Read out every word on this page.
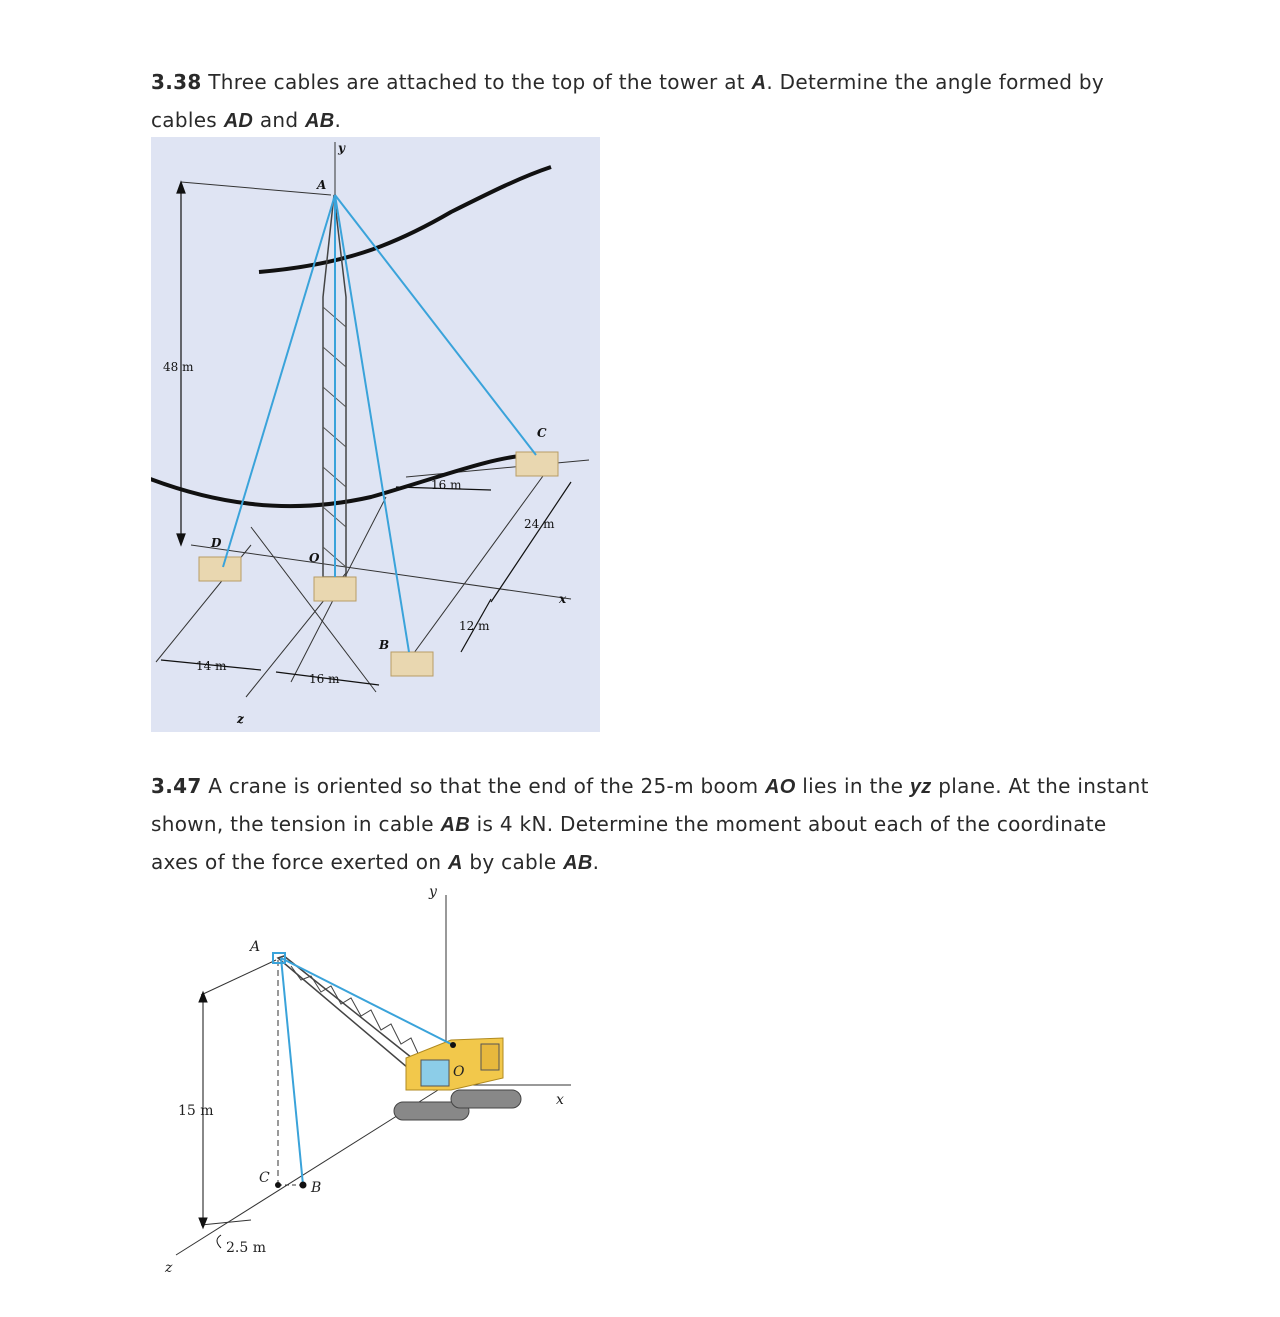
3.38 Three cables are attached to the top of the tower at A. Determine the angle formed by cables AD and AB.
y
A
C
D
O
B
x
z
48 m
16 m
24 m
12 m
14 m
16 m
3.47 A crane is oriented so that the end of the 25-m boom AO lies in the yz plane. At the instant shown, the tension in cable AB is 4 kN. Determine the moment about each of the coordinate axes of the force exerted on A by cable AB.
y
A
O
x
z
C
B
15 m
2.5 m
